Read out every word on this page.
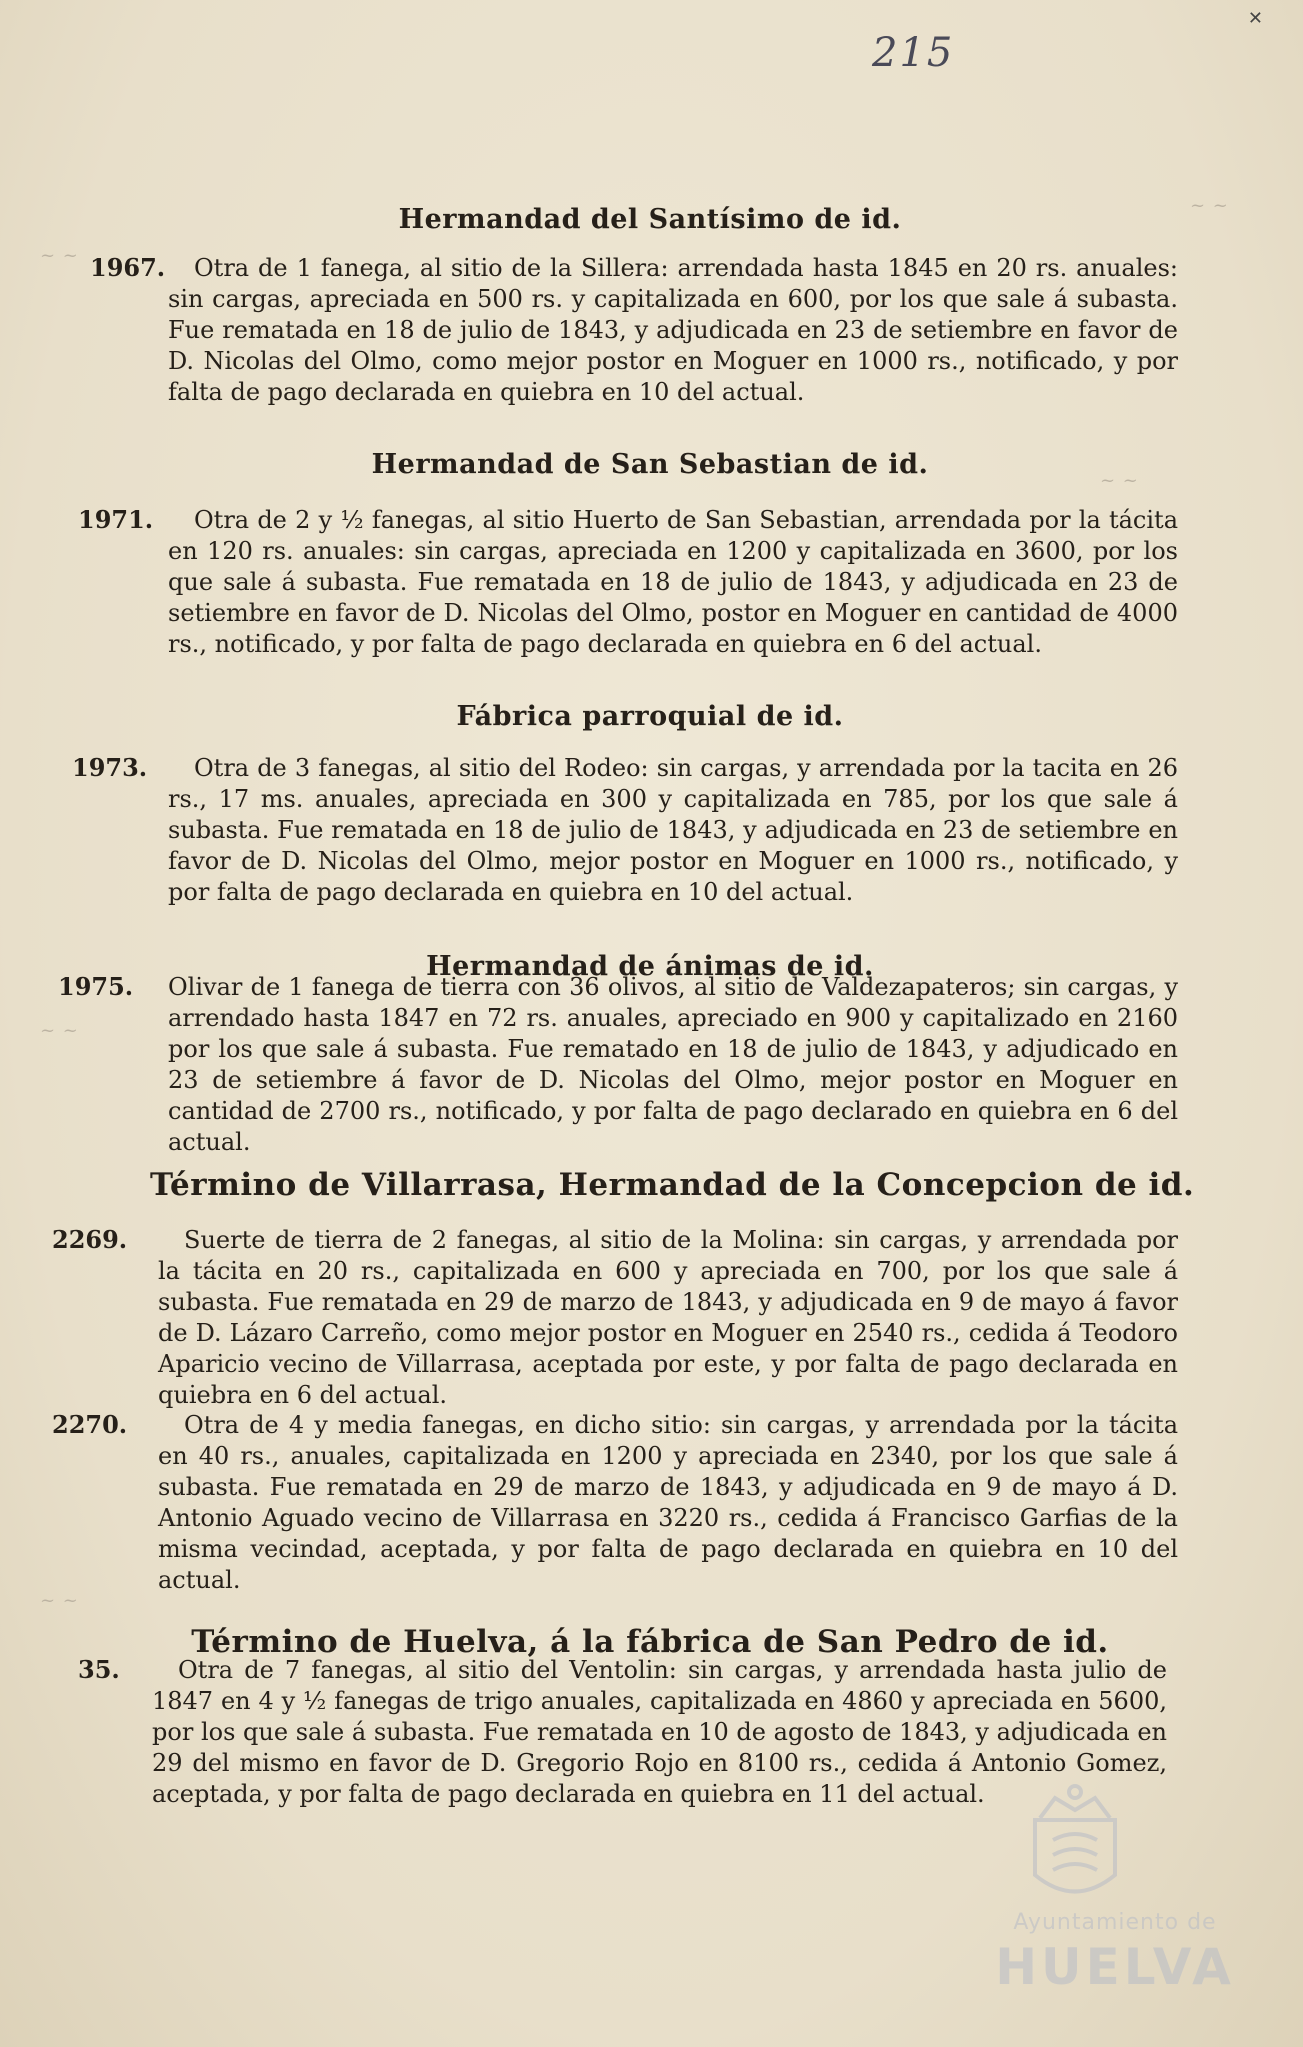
215
✕
~ ~
~ ~
~ ~
~ ~
~ ~
Hermandad del Santísimo de id.
1967.	Otra de 1 fanega, al sitio de la Sillera: arrendada hasta 1845 en 20 rs. anuales: sin cargas, apreciada en 500 rs. y capitalizada en 600, por los que sale á subasta. Fue rematada en 18 de julio de 1843, y adjudicada en 23 de setiembre en favor de D. Nicolas del Olmo, como mejor postor en Moguer en 1000 rs., notificado, y por falta de pago declarada en quiebra en 10 del actual.
Hermandad de San Sebastian de id.
1971.	Otra de 2 y ½ fanegas, al sitio Huerto de San Sebastian, arrendada por la tácita en 120 rs. anuales: sin cargas, apreciada en 1200 y capitalizada en 3600, por los que sale á subasta. Fue rematada en 18 de julio de 1843, y adjudicada en 23 de setiembre en favor de D. Nicolas del Olmo, postor en Moguer en cantidad de 4000 rs., notificado, y por falta de pago declarada en quiebra en 6 del actual.
Fábrica parroquial de id.
1973.	Otra de 3 fanegas, al sitio del Rodeo: sin cargas, y arrendada por la tacita en 26 rs., 17 ms. anuales, apreciada en 300 y capitalizada en 785, por los que sale á subasta. Fue rematada en 18 de julio de 1843, y adjudicada en 23 de setiembre en favor de D. Nicolas del Olmo, mejor postor en Moguer en 1000 rs., notificado, y por falta de pago declarada en quiebra en 10 del actual.
Hermandad de ánimas de id.
1975. Olivar de 1 fanega de tierra con 36 olivos, al sitio de Valdezapateros; sin cargas, y arrendado hasta 1847 en 72 rs. anuales, apreciado en 900 y capitalizado en 2160 por los que sale á subasta. Fue rematado en 18 de julio de 1843, y adjudicado en 23 de setiembre á favor de D. Nicolas del Olmo, mejor postor en Moguer en cantidad de 2700 rs., notificado, y por falta de pago declarado en quiebra en 6 del actual.
Término de Villarrasa, Hermandad de la Concepcion de id.
2269.	Suerte de tierra de 2 fanegas, al sitio de la Molina: sin cargas, y arrendada por la tácita en 20 rs., capitalizada en 600 y apreciada en 700, por los que sale á subasta. Fue rematada en 29 de marzo de 1843, y adjudicada en 9 de mayo á favor de D. Lázaro Carreño, como mejor postor en Moguer en 2540 rs., cedida á Teodoro Aparicio vecino de Villarrasa, aceptada por este, y por falta de pago declarada en quiebra en 6 del actual.
2270.	Otra de 4 y media fanegas, en dicho sitio: sin cargas, y arrendada por la tácita en 40 rs., anuales, capitalizada en 1200 y apreciada en 2340, por los que sale á subasta. Fue rematada en 29 de marzo de 1843, y adjudicada en 9 de mayo á D. Antonio Aguado vecino de Villarrasa en 3220 rs., cedida á Francisco Garfias de la misma vecindad, aceptada, y por falta de pago declarada en quiebra en 10 del actual.
Término de Huelva, á la fábrica de San Pedro de id.
35.	Otra de 7 fanegas, al sitio del Ventolin: sin cargas, y arrendada hasta julio de 1847 en 4 y ½ fanegas de trigo anuales, capitalizada en 4860 y apreciada en 5600, por los que sale á subasta. Fue rematada en 10 de agosto de 1843, y adjudicada en 29 del mismo en favor de D. Gregorio Rojo en 8100 rs., cedida á Antonio Gomez, aceptada, y por falta de pago declarada en quiebra en 11 del actual.
Ayuntamiento de
HUELVA
